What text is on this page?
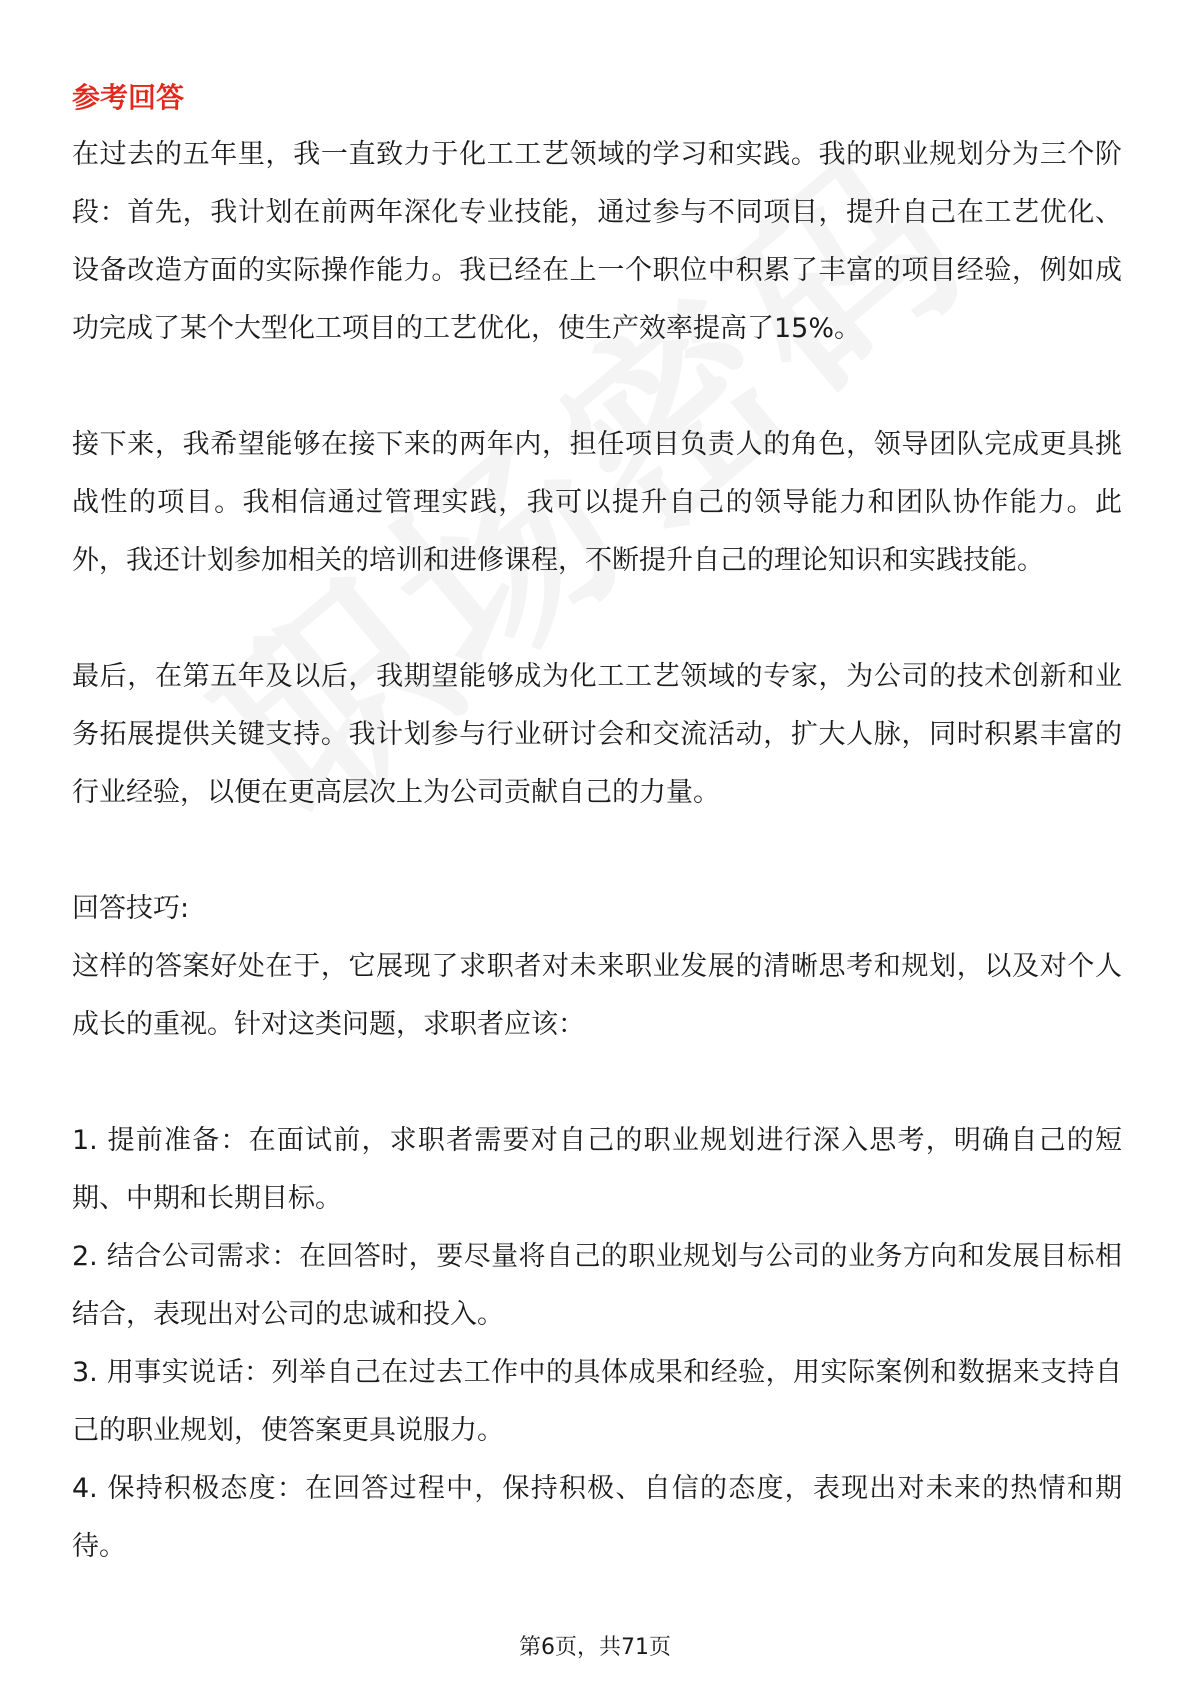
参考回答

在过去的五年里，我一直致力于化工工艺领域的学习和实践。我的职业规划分为三个阶段：首先，我计划在前两年深化专业技能，通过参与不同项目，提升自己在工艺优化、设备改造方面的实际操作能力。我已经在上一个职位中积累了丰富的项目经验，例如成功完成了某个大型化工项目的工艺优化，使生产效率提高了15%。

接下来，我希望能够在接下来的两年内，担任项目负责人的角色，领导团队完成更具挑战性的项目。我相信通过管理实践，我可以提升自己的领导能力和团队协作能力。此外，我还计划参加相关的培训和进修课程，不断提升自己的理论知识和实践技能。

最后，在第五年及以后，我期望能够成为化工工艺领域的专家，为公司的技术创新和业务拓展提供关键支持。我计划参与行业研讨会和交流活动，扩大人脉，同时积累丰富的行业经验，以便在更高层次上为公司贡献自己的力量。

回答技巧:

这样的答案好处在于，它展现了求职者对未来职业发展的清晰思考和规划，以及对个人成长的重视。针对这类问题，求职者应该：

1. 提前准备：在面试前，求职者需要对自己的职业规划进行深入思考，明确自己的短期、中期和长期目标。

2. 结合公司需求：在回答时，要尽量将自己的职业规划与公司的业务方向和发展目标相结合，表现出对公司的忠诚和投入。

3. 用事实说话：列举自己在过去工作中的具体成果和经验，用实际案例和数据来支持自己的职业规划，使答案更具说服力。

4. 保持积极态度：在回答过程中，保持积极、自信的态度，表现出对未来的热情和期待。

第6页，共71页
